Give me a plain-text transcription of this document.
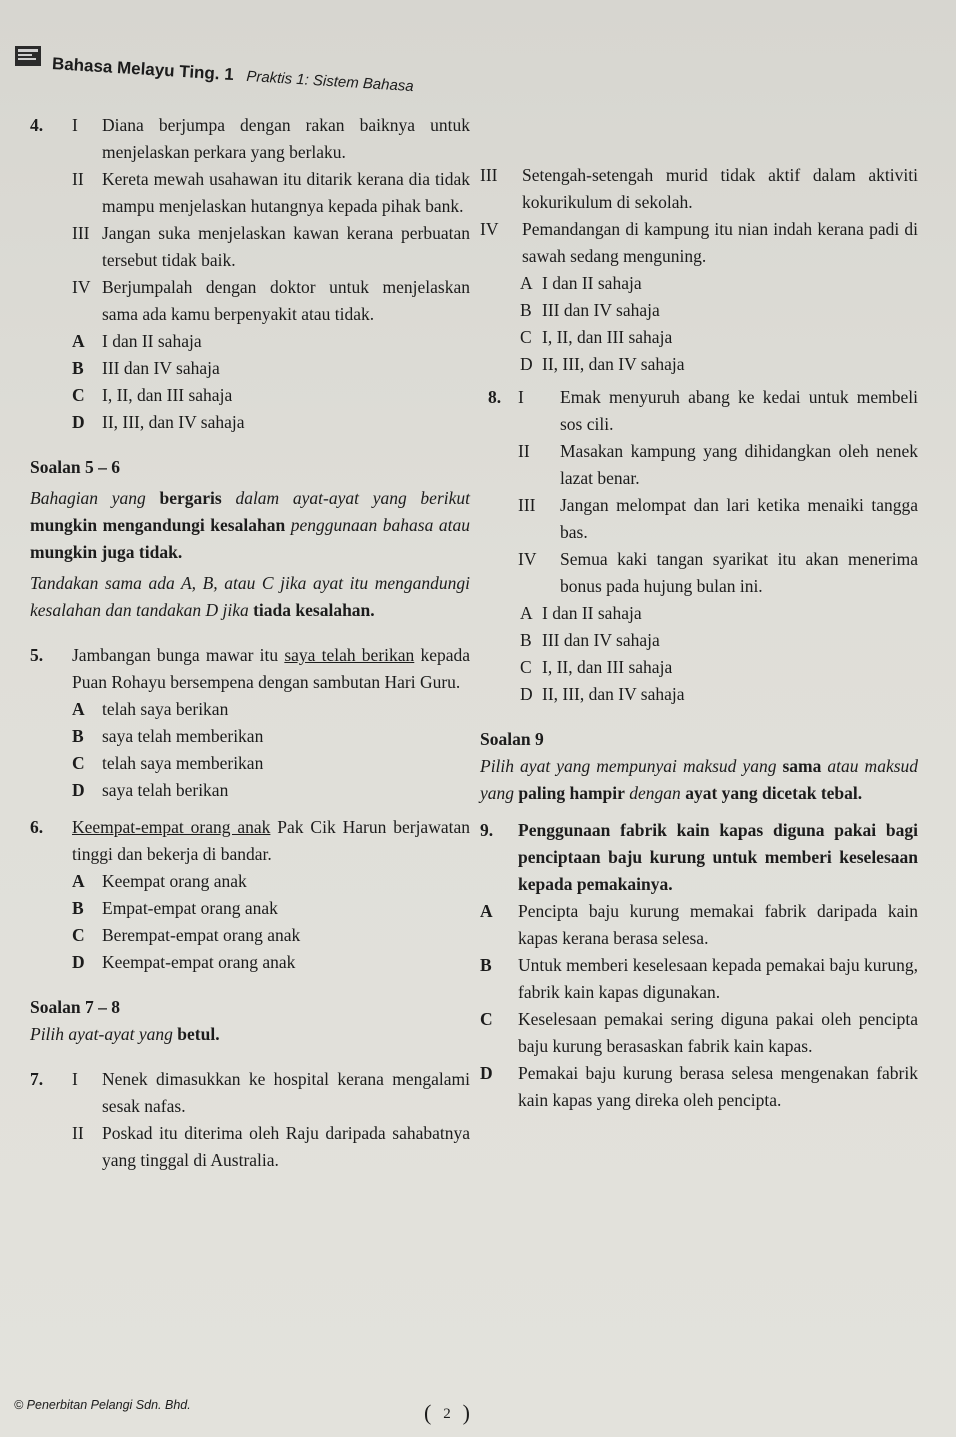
Bahasa Melayu Ting. 1 Praktis 1: Sistem Bahasa
4. I Diana berjumpa dengan rakan baiknya untuk menjelaskan perkara yang berlaku.
II Kereta mewah usahawan itu ditarik kerana dia tidak mampu menjelaskan hutangnya kepada pihak bank.
III Jangan suka menjelaskan kawan kerana perbuatan tersebut tidak baik.
IV Berjumpalah dengan doktor untuk menjelaskan sama ada kamu berpenyakit atau tidak.
A I dan II sahaja
B III dan IV sahaja
C I, II, dan III sahaja
D II, III, dan IV sahaja
Soalan 5 – 6
Bahagian yang bergaris dalam ayat-ayat yang berikut mungkin mengandungi kesalahan penggunaan bahasa atau mungkin juga tidak.
Tandakan sama ada A, B, atau C jika ayat itu mengandungi kesalahan dan tandakan D jika tiada kesalahan.
5. Jambangan bunga mawar itu saya telah berikan kepada Puan Rohayu bersempena dengan sambutan Hari Guru.
A telah saya berikan
B saya telah memberikan
C telah saya memberikan
D saya telah berikan
6. Keempat-empat orang anak Pak Cik Harun berjawatan tinggi dan bekerja di bandar.
A Keempat orang anak
B Empat-empat orang anak
C Berempat-empat orang anak
D Keempat-empat orang anak
Soalan 7 – 8
Pilih ayat-ayat yang betul.
7. I Nenek dimasukkan ke hospital kerana mengalami sesak nafas.
II Poskad itu diterima oleh Raju daripada sahabatnya yang tinggal di Australia.
III Setengah-setengah murid tidak aktif dalam aktiviti kokurikulum di sekolah.
IV Pemandangan di kampung itu nian indah kerana padi di sawah sedang menguning.
A I dan II sahaja
B III dan IV sahaja
C I, II, dan III sahaja
D II, III, dan IV sahaja
8. I Emak menyuruh abang ke kedai untuk membeli sos cili.
II Masakan kampung yang dihidangkan oleh nenek lazat benar.
III Jangan melompat dan lari ketika menaiki tangga bas.
IV Semua kaki tangan syarikat itu akan menerima bonus pada hujung bulan ini.
A I dan II sahaja
B III dan IV sahaja
C I, II, dan III sahaja
D II, III, dan IV sahaja
Soalan 9
Pilih ayat yang mempunyai maksud yang sama atau maksud yang paling hampir dengan ayat yang dicetak tebal.
9. Penggunaan fabrik kain kapas diguna pakai bagi penciptaan baju kurung untuk memberi keselesaan kepada pemakainya.
A Pencipta baju kurung memakai fabrik daripada kain kapas kerana berasa selesa.
B Untuk memberi keselesaan kepada pemakai baju kurung, fabrik kain kapas digunakan.
C Keselesaan pemakai sering diguna pakai oleh pencipta baju kurung berasaskan fabrik kain kapas.
D Pemakai baju kurung berasa selesa mengenakan fabrik kain kapas yang direka oleh pencipta.
© Penerbitan Pelangi Sdn. Bhd.
( 2 )
